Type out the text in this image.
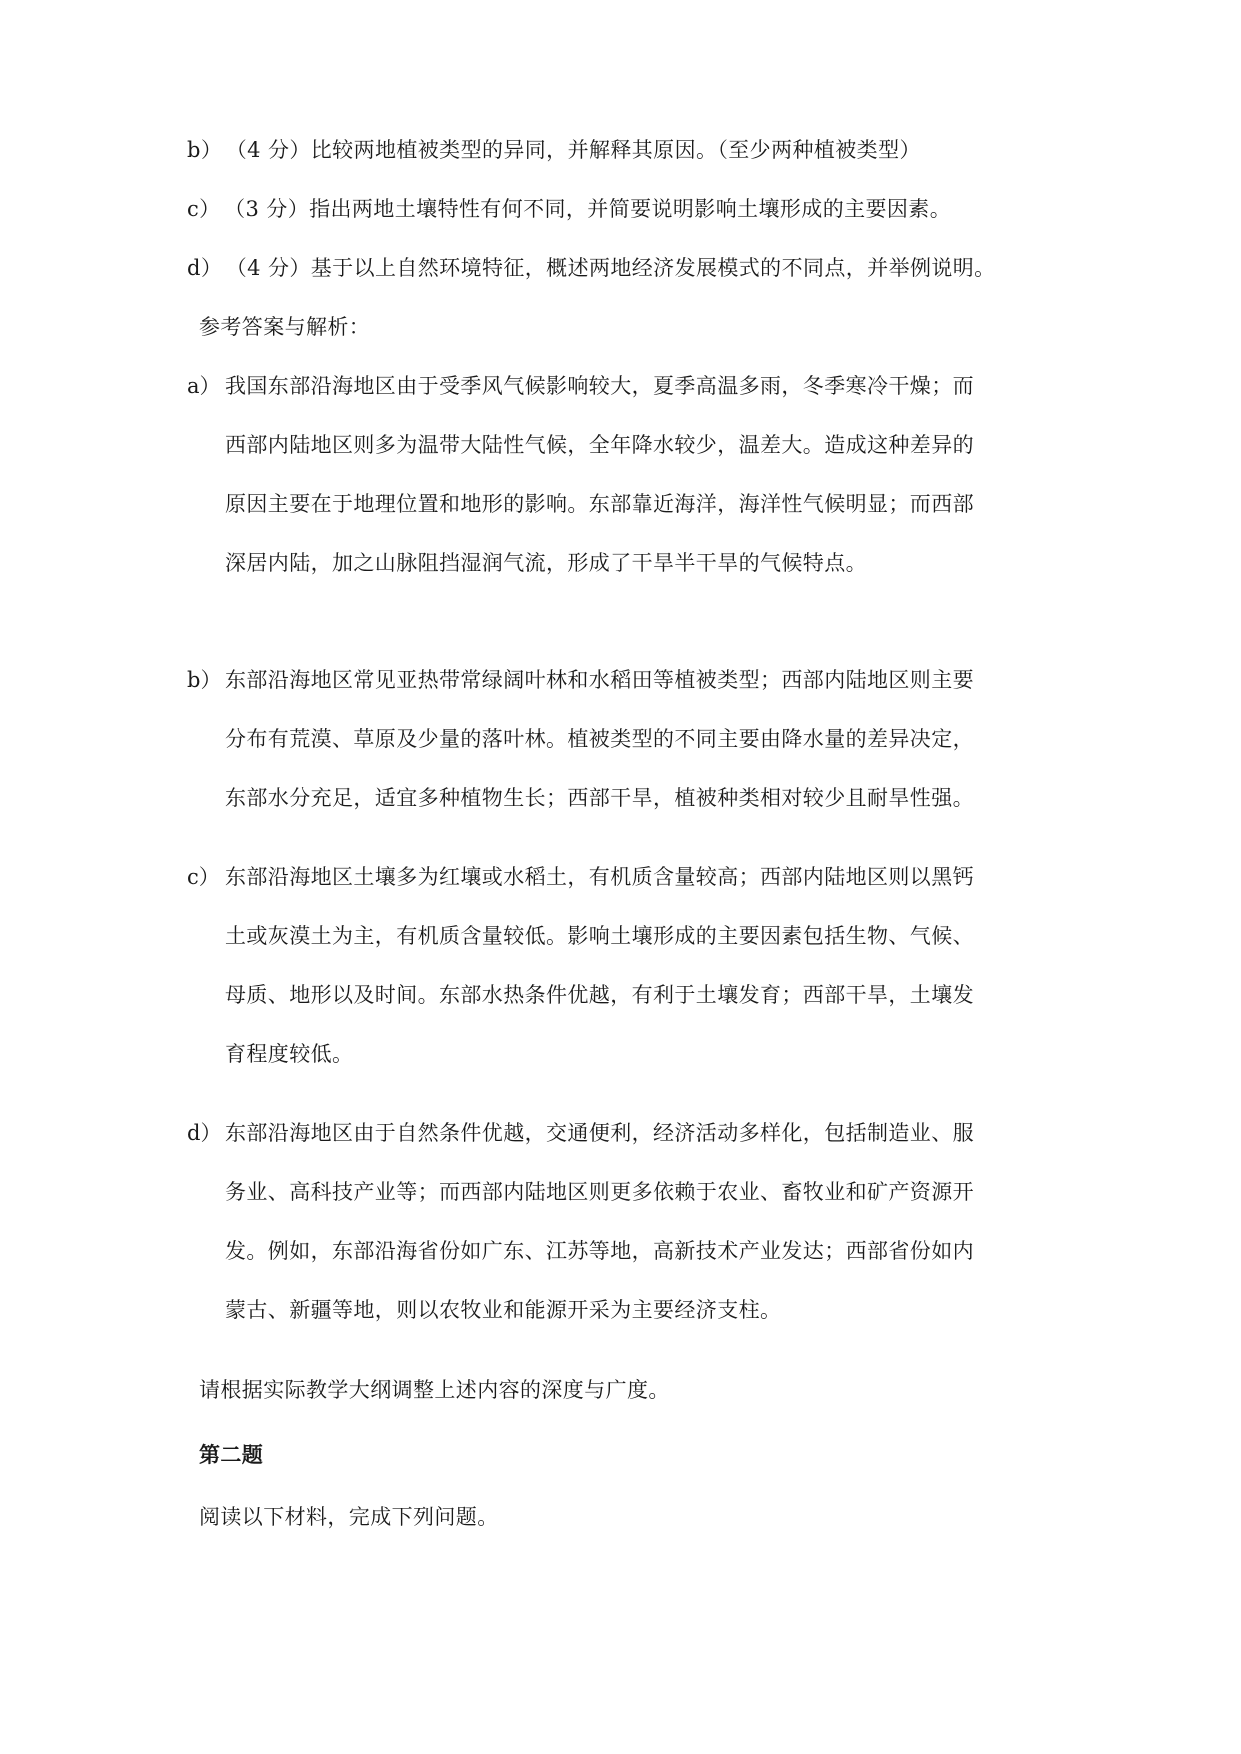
b） （4 分）比较两地植被类型的异同，并解释其原因。（至少两种植被类型）
c） （3 分）指出两地土壤特性有何不同，并简要说明影响土壤形成的主要因素。
d） （4 分）基于以上自然环境特征，概述两地经济发展模式的不同点，并举例说明。
参考答案与解析：
a） 我国东部沿海地区由于受季风气候影响较大，夏季高温多雨，冬季寒冷干燥；而
西部内陆地区则多为温带大陆性气候，全年降水较少，温差大。造成这种差异的
原因主要在于地理位置和地形的影响。东部靠近海洋，海洋性气候明显；而西部
深居内陆，加之山脉阻挡湿润气流，形成了干旱半干旱的气候特点。
b） 东部沿海地区常见亚热带常绿阔叶林和水稻田等植被类型；西部内陆地区则主要
分布有荒漠、草原及少量的落叶林。植被类型的不同主要由降水量的差异决定，
东部水分充足，适宜多种植物生长；西部干旱，植被种类相对较少且耐旱性强。
c） 东部沿海地区土壤多为红壤或水稻土，有机质含量较高；西部内陆地区则以黑钙
土或灰漠土为主，有机质含量较低。影响土壤形成的主要因素包括生物、气候、
母质、地形以及时间。东部水热条件优越，有利于土壤发育；西部干旱，土壤发
育程度较低。
d） 东部沿海地区由于自然条件优越，交通便利，经济活动多样化，包括制造业、服
务业、高科技产业等；而西部内陆地区则更多依赖于农业、畜牧业和矿产资源开
发。例如，东部沿海省份如广东、江苏等地，高新技术产业发达；西部省份如内
蒙古、新疆等地，则以农牧业和能源开采为主要经济支柱。
请根据实际教学大纲调整上述内容的深度与广度。
第二题
阅读以下材料，完成下列问题。
